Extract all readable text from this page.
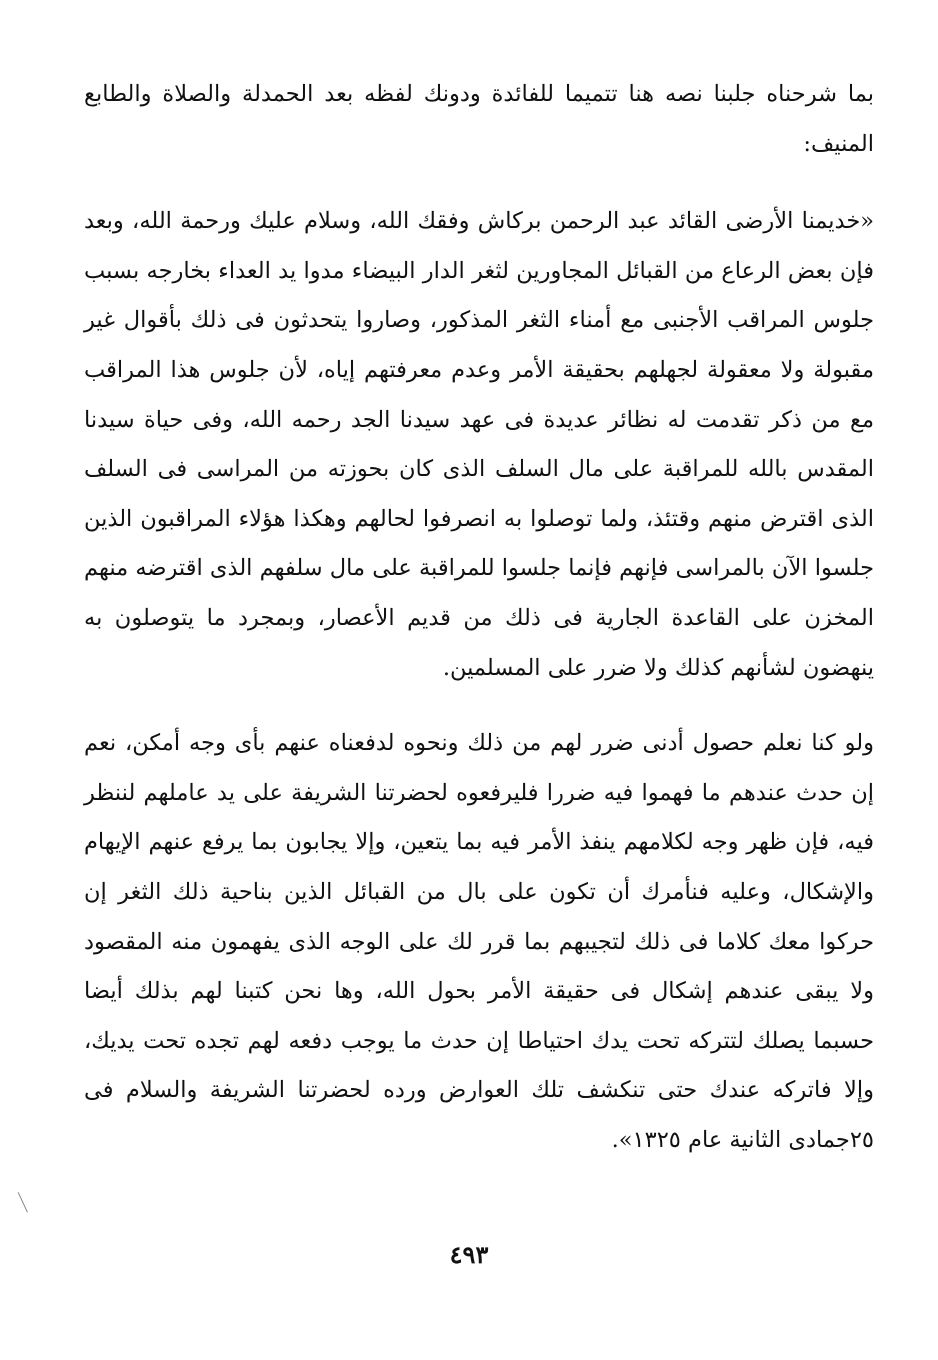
بما شرحناه جلبنا نصه هنا تتميما للفائدة ودونك لفظه بعد الحمدلة والصلاة والطابع المنيف:

«خديمنا الأرضى القائد عبد الرحمن بركاش وفقك الله، وسلام عليك ورحمة الله، وبعد فإن بعض الرعاع من القبائل المجاورين لثغر الدار البيضاء مدوا يد العداء بخارجه بسبب جلوس المراقب الأجنبى مع أمناء الثغر المذكور، وصاروا يتحدثون فى ذلك بأقوال غير مقبولة ولا معقولة لجهلهم بحقيقة الأمر وعدم معرفتهم إياه، لأن جلوس هذا المراقب مع من ذكر تقدمت له نظائر عديدة فى عهد سيدنا الجد رحمه الله، وفى حياة سيدنا المقدس بالله للمراقبة على مال السلف الذى كان بحوزته من المراسى فى السلف الذى اقترض منهم وقتئذ، ولما توصلوا به انصرفوا لحالهم وهكذا هؤلاء المراقبون الذين جلسوا الآن بالمراسى فإنهم فإنما جلسوا للمراقبة على مال سلفهم الذى اقترضه منهم المخزن على القاعدة الجارية فى ذلك من قديم الأعصار، وبمجرد ما يتوصلون به ينهضون لشأنهم كذلك ولا ضرر على المسلمين.

ولو كنا نعلم حصول أدنى ضرر لهم من ذلك ونحوه لدفعناه عنهم بأى وجه أمكن، نعم إن حدث عندهم ما فهموا فيه ضررا فليرفعوه لحضرتنا الشريفة على يد عاملهم لننظر فيه، فإن ظهر وجه لكلامهم ينفذ الأمر فيه بما يتعين، وإلا يجابون بما يرفع عنهم الإيهام والإشكال، وعليه فنأمرك أن تكون على بال من القبائل الذين بناحية ذلك الثغر إن حركوا معك كلاما فى ذلك لتجيبهم بما قرر لك على الوجه الذى يفهمون منه المقصود ولا يبقى عندهم إشكال فى حقيقة الأمر بحول الله، وها نحن كتبنا لهم بذلك أيضا حسبما يصلك لتتركه تحت يدك احتياطا إن حدث ما يوجب دفعه لهم تجده تحت يديك، وإلا فاتركه عندك حتى تنكشف تلك العوارض ورده لحضرتنا الشريفة والسلام فى ٢٥جمادى الثانية عام ١٣٢٥».

٤٩٣
